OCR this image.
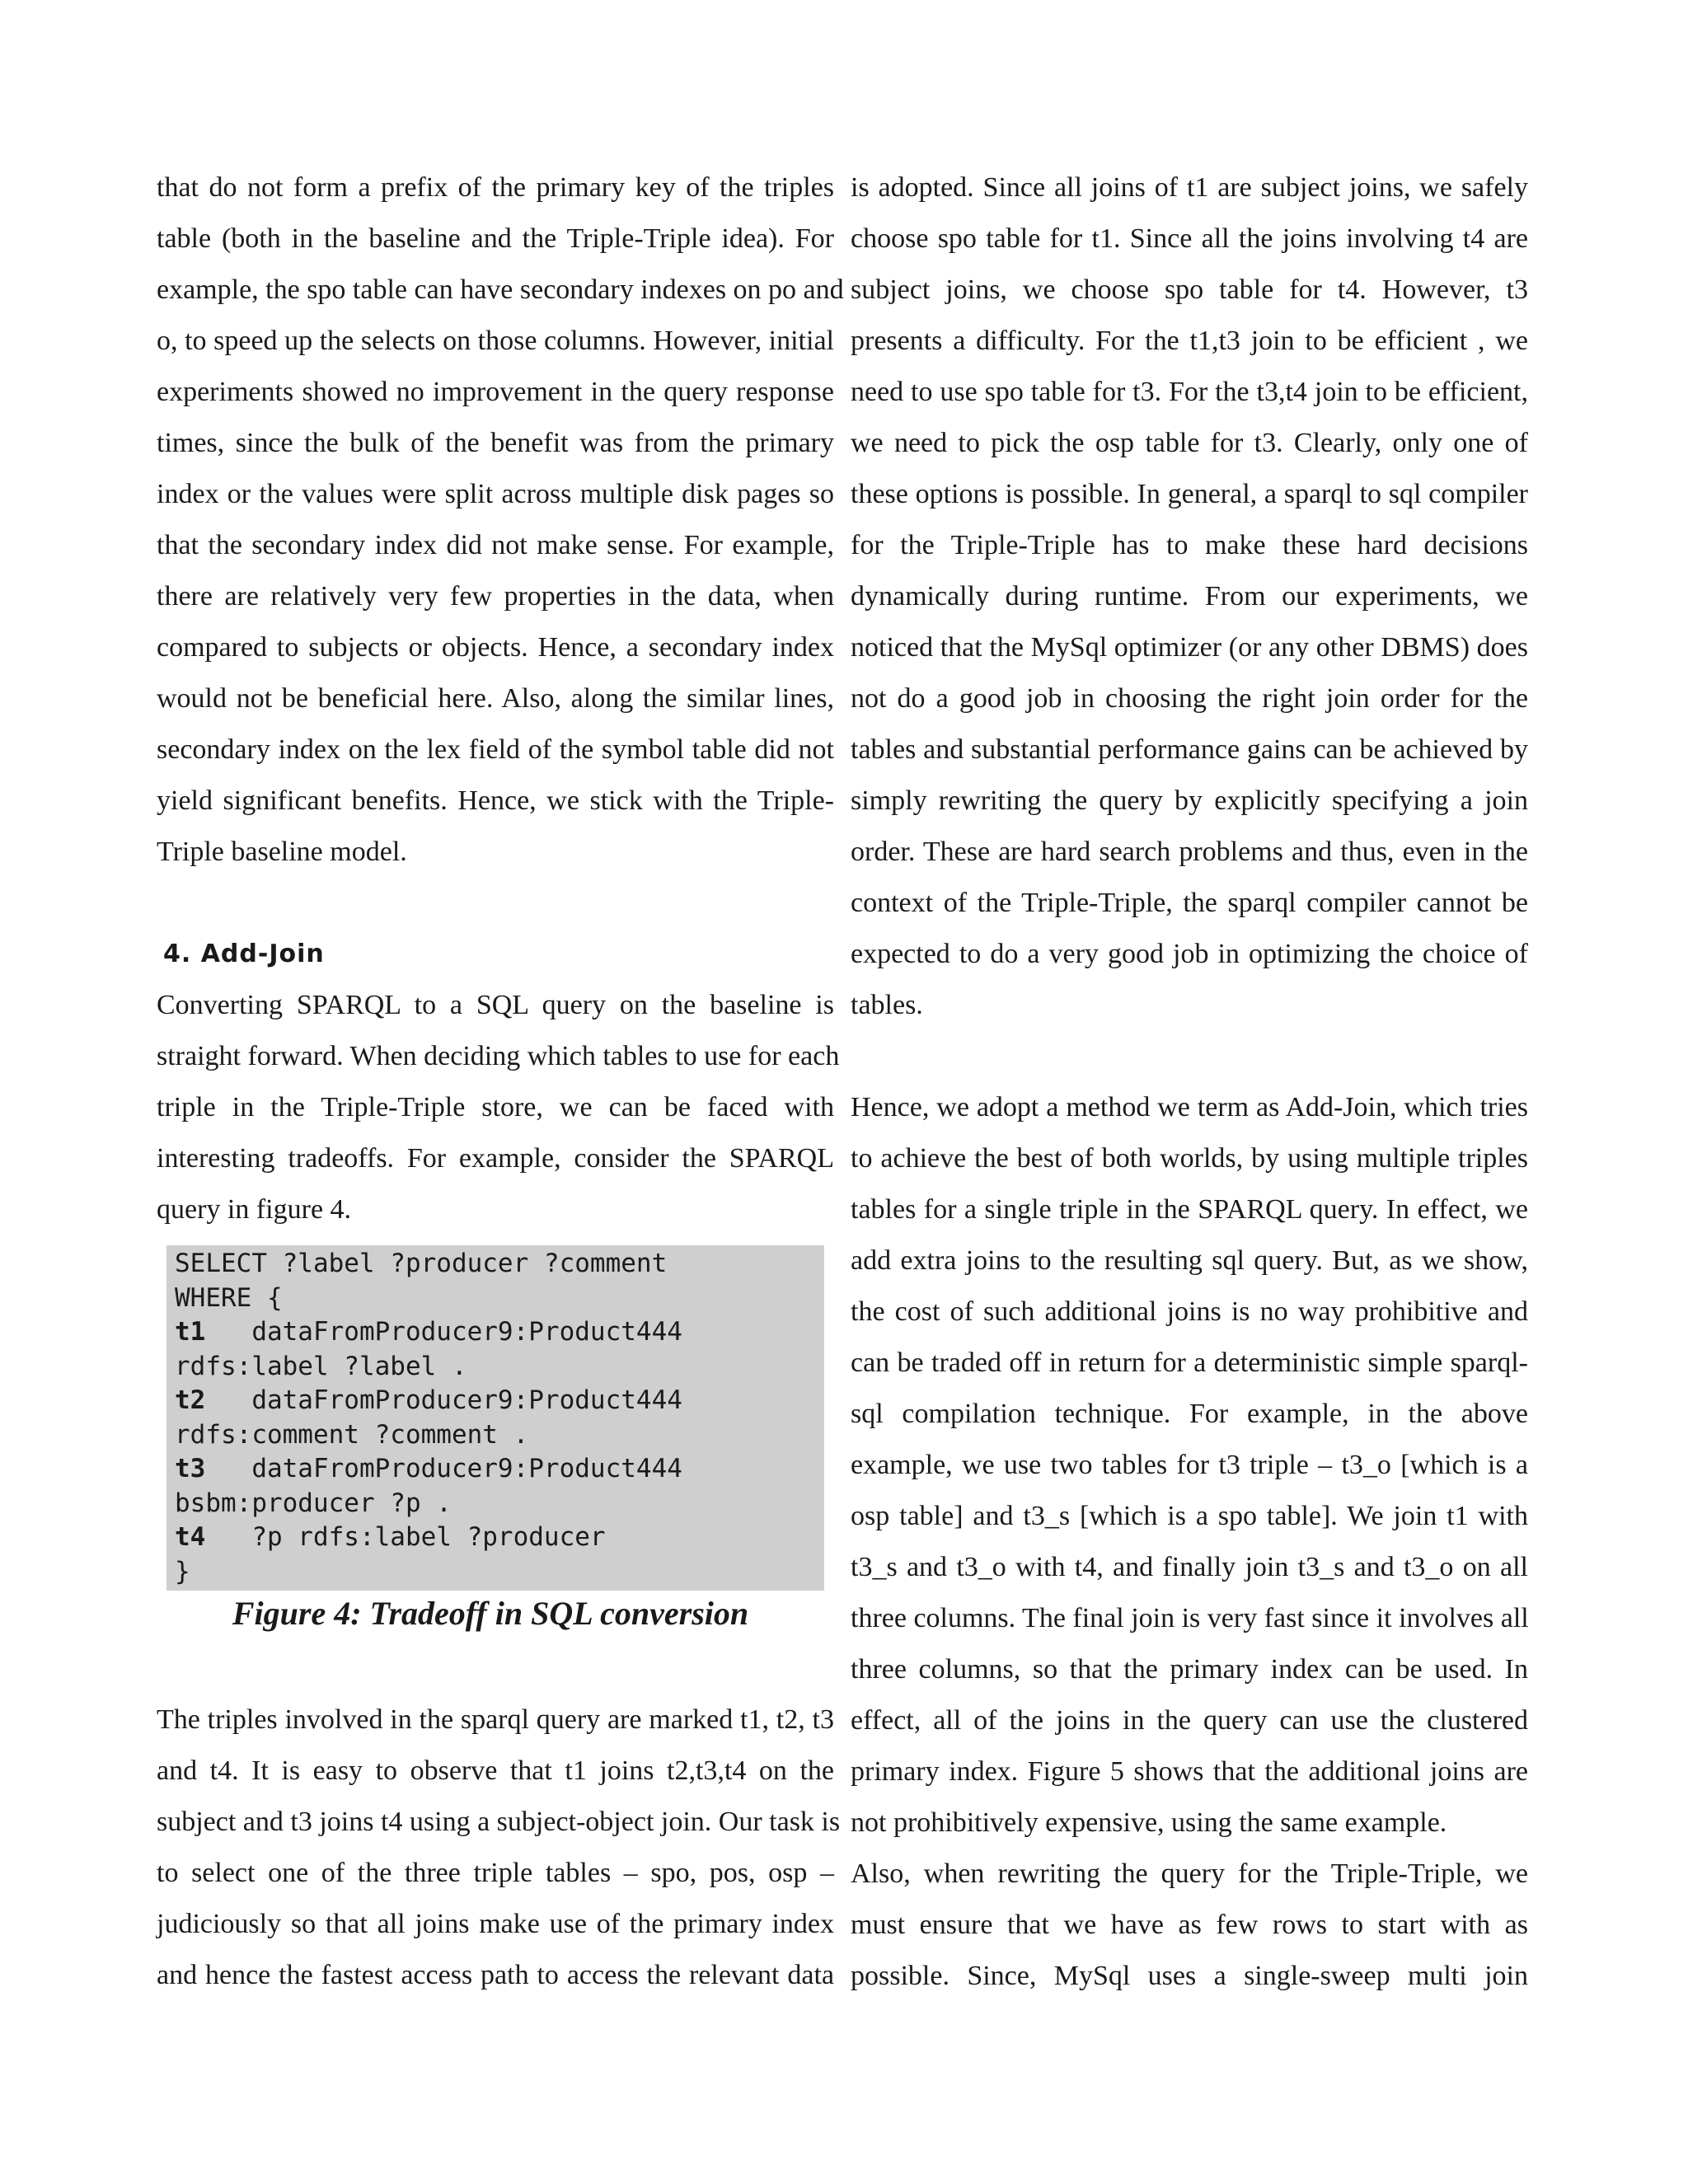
that do not form a prefix of the primary key of the triples
table (both in the baseline and the Triple-Triple idea). For
example, the spo table can have secondary indexes on po and
o, to speed up the selects on those columns. However, initial
experiments showed no improvement in the query response
times, since the bulk of the benefit was from the primary
index or the values were split across multiple disk pages so
that the secondary index did not make sense. For example,
there are relatively very few properties in the data, when
compared to subjects or objects. Hence, a secondary index
would not be beneficial here. Also, along the similar lines,
secondary index on the lex field of the symbol table did not
yield significant benefits. Hence, we stick with the Triple-
Triple baseline model.
4. Add-Join
Converting SPARQL to a SQL query on the baseline is
straight forward. When deciding which tables to use for each
triple in the Triple-Triple store, we can be faced with
interesting tradeoffs. For example, consider the SPARQL
query in figure 4.
SELECT ?label ?producer ?comment
WHERE {
t1   dataFromProducer9:Product444
rdfs:label ?label .
t2   dataFromProducer9:Product444
rdfs:comment ?comment .
t3   dataFromProducer9:Product444
bsbm:producer ?p .
t4   ?p rdfs:label ?producer
}
Figure 4: Tradeoff in SQL conversion
The triples involved in the sparql query are marked t1, t2, t3
and t4. It is easy to observe that t1 joins t2,t3,t4 on the
subject and t3 joins t4 using a subject-object join. Our task is
to select one of the three triple tables – spo, pos, osp –
judiciously so that all joins make use of the primary index
and hence the fastest access path to access the relevant data
is adopted. Since all joins of t1 are subject joins, we safely
choose spo table for t1. Since all the joins involving t4 are
subject joins, we choose spo table for t4. However, t3
presents a difficulty. For the t1,t3 join to be efficient , we
need to use spo table for t3. For the t3,t4 join to be efficient,
we need to pick the osp table for t3. Clearly, only one of
these options is possible. In general, a sparql to sql compiler
for the Triple-Triple has to make these hard decisions
dynamically during runtime. From our experiments, we
noticed that the MySql optimizer (or any other DBMS) does
not do a good job in choosing the right join order for the
tables and substantial performance gains can be achieved by
simply rewriting the query by explicitly specifying a join
order. These are hard search problems and thus, even in the
context of the Triple-Triple, the sparql compiler cannot be
expected to do a very good job in optimizing the choice of
tables.
Hence, we adopt a method we term as Add-Join, which tries
to achieve the best of both worlds, by using multiple triples
tables for a single triple in the SPARQL query. In effect, we
add extra joins to the resulting sql query. But, as we show,
the cost of such additional joins is no way prohibitive and
can be traded off in return for a deterministic simple sparql-
sql compilation technique. For example, in the above
example, we use two tables for t3 triple – t3_o [which is a
osp table] and t3_s [which is a spo table]. We join t1 with
t3_s and t3_o with t4, and finally join t3_s and t3_o on all
three columns. The final join is very fast since it involves all
three columns, so that the primary index can be used. In
effect, all of the joins in the query can use the clustered
primary index. Figure 5 shows that the additional joins are
not prohibitively expensive, using the same example.
Also, when rewriting the query for the Triple-Triple, we
must ensure that we have as few rows to start with as
possible. Since, MySql uses a single-sweep multi join
